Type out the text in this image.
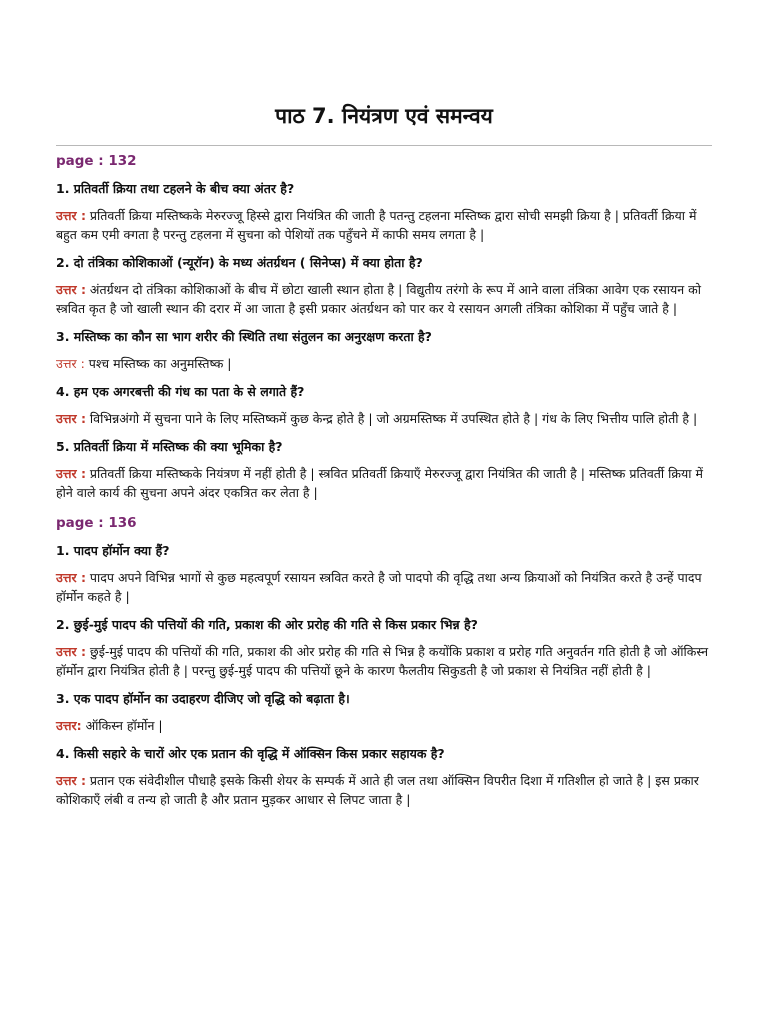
पाठ 7. नियंत्रण एवं समन्वय
page : 132

1. प्रतिवर्ती क्रिया तथा टहलने के बीच क्या अंतर है?

उत्तर : प्रतिवर्ती क्रिया मस्तिष्कके मेरुरज्जू हिस्से द्वारा नियंत्रित की जाती है पतन्तु टहलना मस्तिष्क द्वारा सोची समझी क्रिया है | प्रतिवर्ती क्रिया में बहुत कम एमी क्गता है परन्तु टहलना में सुचना को पेशियों तक पहुँचने में काफी समय लगता है |

2. दो तंत्रिका कोशिकाओं (न्यूरॉन) के मध्य अंतर्ग्रथन ( सिनेप्स) में क्या होता है?

उत्तर : अंतर्ग्रथन दो तंत्रिका कोशिकाओं के बीच में छोटा खाली स्थान होता है | विद्युतीय तरंगो के रूप में आने वाला तंत्रिका आवेग एक रसायन को स्त्रवित कृत है जो खाली स्थान की दरार में आ जाता है इसी प्रकार अंतर्ग्रथन को पार कर ये रसायन अगली तंत्रिका कोशिका में पहुँच जाते है |

3. मस्तिष्क का कौन सा भाग शरीर की स्थिति तथा संतुलन का अनुरक्षण करता है?

उत्तर : पश्च मस्तिष्क का अनुमस्तिष्क |

4. हम एक अगरबत्ती की गंध का पता के से लगाते हैं?

उत्तर : विभिन्नअंगो में सुचना पाने के लिए मस्तिष्कमें कुछ केन्द्र होते है | जो अग्रमस्तिष्क में उपस्थित होते है | गंध के लिए भित्तीय पालि होती है |

5. प्रतिवर्ती क्रिया में मस्तिष्क की क्या भूमिका है?

उत्तर : प्रतिवर्ती क्रिया मस्तिष्कके नियंत्रण में नहीं होती है | स्त्रवित प्रतिवर्ती क्रियाएँ मेरुरज्जू द्वारा नियंत्रित की जाती है | मस्तिष्क प्रतिवर्ती क्रिया में होने वाले कार्य की सुचना अपने अंदर एकत्रित कर लेता है |

page : 136

1. पादप हॉर्मोन क्या हैं?

उत्तर : पादप अपने विभिन्न भागों से कुछ महत्वपूर्ण रसायन स्त्रवित करते है जो पादपो की वृद्धि तथा अन्य क्रियाओं को नियंत्रित करते है उन्हें पादप हॉर्मोन कहते है |

2. छुई-मुई पादप की पत्तियों की गति, प्रकाश की ओर प्ररोह की गति से किस प्रकार भिन्न है?

उत्तर : छुई-मुई पादप की पत्तियों की गति, प्रकाश की ओर प्ररोह की गति से भिन्न है कयोंकि प्रकाश व प्ररोह गति अनुवर्तन गति होती है जो ऑकिस्न हॉर्मोन द्वारा नियंत्रित होती है | परन्तु छुई-मुई पादप की पत्तियों छूने के कारण फैलतीय सिकुडती है जो प्रकाश से नियंत्रित नहीं होती है |

3. एक पादप हॉर्मोन का उदाहरण दीजिए जो वृद्धि को बढ़ाता है।

उत्तर: ऑकिस्न हॉर्मोन |

4. किसी सहारे के चारों ओर एक प्रतान की वृद्धि में ऑक्सिन किस प्रकार सहायक है?

उत्तर : प्रतान एक संवेदीशील पौधाहै इसके किसी शेयर के सम्पर्क में आते ही जल तथा ऑक्सिन विपरीत दिशा में गतिशील हो जाते है | इस प्रकार कोशिकाएँ लंबी व तन्य हो जाती है और प्रतान मुड़कर आधार से लिपट जाता है |
